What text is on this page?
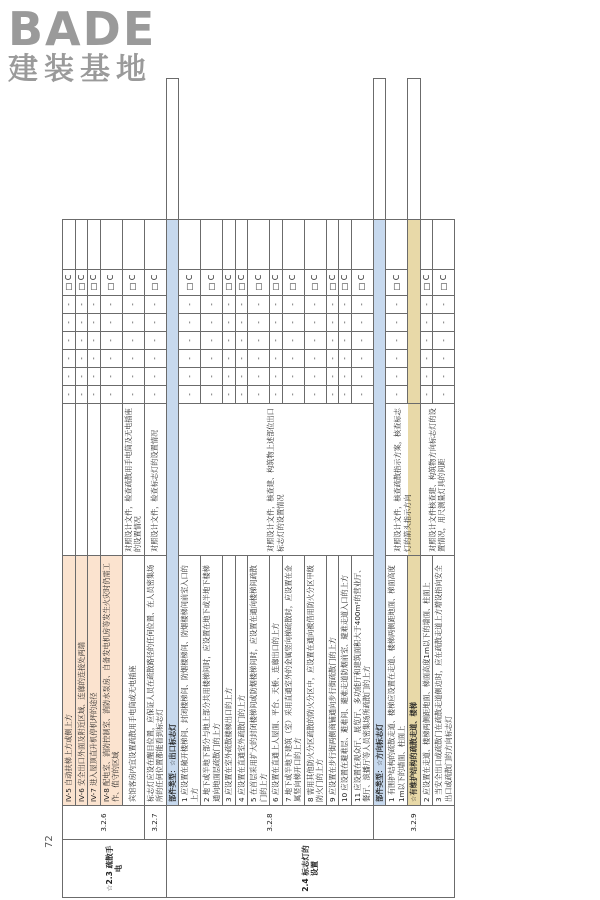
BADE
建装基地
☆2.3 疏散手电	3.2.6	IV-5 自动扶梯上方或侧上方		-	-	-	-	-	-	□ C		
		IV-6 安全出口外面及附近区域、连廊的连接处两端		-	-	-	-	-	-	□ C		
		IV-7 进入屋顶直升机停机坪的途径		-	-	-	-	-	-	□ C		
		IV-8 配电室、消防控制室、消防水泵房、自备发电机房等发生火灾时仍需工作、值守的区域		-	-	-	-	-	-	□ C		
		宾馆客房内宜设置疏散用手电筒或无电插座	对照设计文件，检查疏散用手电筒及无电插座的设置情况	-	-	-	-	-	-	□ C		
	3.2.7	标志灯应设在醒目位置，应保证人员在疏散路径的任何位置、在人员密集场所的任何位置都能看到标志灯	对照设计文件，检查标志灯的设置情况	-	-	-	-	-	-	□ C		
2.4 标志灯的设置	3.2.8	部件类型：☆出口标志灯										
		1 应设置在敞开楼梯间、封闭楼梯间、防烟楼梯间、防烟楼梯间前室入口的上方	对照设计文件，核查建、构筑物上述部位出口标志灯的设置情况	-	-	-	-	-	-	□ C		
		2 地下或半地下部分与地上部分共用楼梯间时，应设置在地下或半地下楼梯通向地面层疏散门的上方		-	-	-	-	-	-	□ C		
		3 应设置在室外疏散楼梯出口的上方		-	-	-	-	-	-	□ C		
		4 应设置在直通室外疏散门的上方		-	-	-	-	-	-	□ C		
		5 在首层采用扩大的封闭楼梯间或防烟楼梯间时，应设置在通向楼梯间疏散门的上方		-	-	-	-	-	-	□ C		
		6 应设置在直通上人屋面、平台、天桥、连廊出口的上方		-	-	-	-	-	-	□ C		
		7 地下或半地下建筑（室）采用直通室外的金属竖向梯疏散时，应设置在金属竖向梯开口的上方		-	-	-	-	-	-	□ C		
		8 需用其他防火分区疏散的防火分区中，应设置在通向被借用防火分区甲级防火门的上方		-	-	-	-	-	-	□ C		
		9 应设置在步行街两侧商铺通向步行街疏散门的上方		-	-	-	-	-	-	□ C		
		10 应设置在避难层、避难间、避难走道防烟前室、避难走道入口的上方		-	-	-	-	-	-	□ C		
		11 应设置在观众厅、展览厅、多功能厅和建筑面积大于400m²的营业厅、餐厅、演播厅等人员密集场所疏散门的上方		-	-	-	-	-	-	□ C		
	3.2.9	部件类型：☆方向标志灯										
		1 有围护结构的疏散走道、楼梯应设置在走道、楼梯两侧距地面、梯面高度1m以下的墙面、柱面上	对照设计文件，核查疏散指示方案，核查标志灯的箭头指示方向	-	-	-	-	-	-	□ C		
		☆有维护结构的疏散走道、楼梯										
		2 应设置在走道、楼梯两侧距地面、梯面高度1m以下的墙面、柱面上	对照设计文件核查建、构筑物方向标志灯的设置情况，用尺测量灯具的间距	-	-	-	-	-	-	□ C		
		3 当安全出口或疏散门在疏散走道侧边时，应在疏散走道上方增设指向安全出口或疏散门的方向标志灯		-	-	-	-	-	-	□ C		
72
